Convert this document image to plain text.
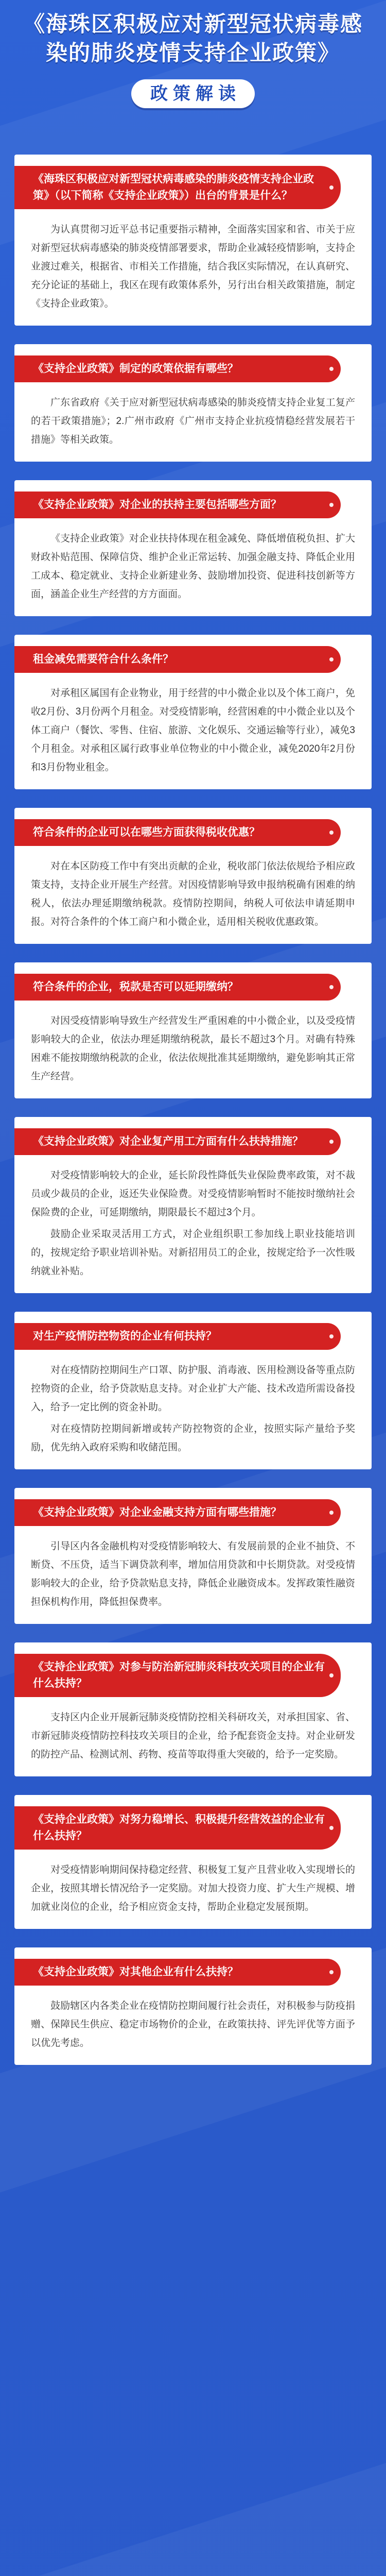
《海珠区积极应对新型冠状病毒感染的肺炎疫情支持企业政策》
政策解读
《海珠区积极应对新型冠状病毒感染的肺炎疫情支持企业政策》（以下简称《支持企业政策》）出台的背景是什么？

为认真贯彻习近平总书记重要指示精神，全面落实国家和省、市关于应对新型冠状病毒感染的肺炎疫情部署要求，帮助企业减轻疫情影响，支持企业渡过难关，根据省、市相关工作措施，结合我区实际情况，在认真研究、充分论证的基础上，我区在现有政策体系外，另行出台相关政策措施，制定《支持企业政策》。

《支持企业政策》制定的政策依据有哪些？

广东省政府《关于应对新型冠状病毒感染的肺炎疫情支持企业复工复产的若干政策措施》；2.广州市政府《广州市支持企业抗疫情稳经营发展若干措施》等相关政策。

《支持企业政策》对企业的扶持主要包括哪些方面？

《支持企业政策》对企业扶持体现在租金减免、降低增值税负担、扩大财政补贴范围、保障信贷、维护企业正常运转、加强金融支持、降低企业用工成本、稳定就业、支持企业新建业务、鼓励增加投资、促进科技创新等方面，涵盖企业生产经营的方方面面。

租金减免需要符合什么条件？

对承租区属国有企业物业，用于经营的中小微企业以及个体工商户，免收2月份、3月份两个月租金。对受疫情影响，经营困难的中小微企业以及个体工商户（餐饮、零售、住宿、旅游、文化娱乐、交通运输等行业），减免3个月租金。对承租区属行政事业单位物业的中小微企业，减免2020年2月份和3月份物业租金。

符合条件的企业可以在哪些方面获得税收优惠？

对在本区防疫工作中有突出贡献的企业，税收部门依法依规给予相应政策支持，支持企业开展生产经营。对因疫情影响导致申报纳税确有困难的纳税人，依法办理延期缴纳税款。疫情防控期间，纳税人可依法申请延期申报。对符合条件的个体工商户和小微企业，适用相关税收优惠政策。

符合条件的企业，税款是否可以延期缴纳？

对因受疫情影响导致生产经营发生严重困难的中小微企业，以及受疫情影响较大的企业，依法办理延期缴纳税款，最长不超过3个月。对确有特殊困难不能按期缴纳税款的企业，依法依规批准其延期缴纳，避免影响其正常生产经营。

《支持企业政策》对企业复产用工方面有什么扶持措施？

对受疫情影响较大的企业，延长阶段性降低失业保险费率政策，对不裁员或少裁员的企业，返还失业保险费。对受疫情影响暂时不能按时缴纳社会保险费的企业，可延期缴纳，期限最长不超过3个月。

鼓励企业采取灵活用工方式，对企业组织职工参加线上职业技能培训的，按规定给予职业培训补贴。对新招用员工的企业，按规定给予一次性吸纳就业补贴。

对生产疫情防控物资的企业有何扶持？

对在疫情防控期间生产口罩、防护服、消毒液、医用检测设备等重点防控物资的企业，给予贷款贴息支持。对企业扩大产能、技术改造所需设备投入，给予一定比例的资金补助。

对在疫情防控期间新增或转产防控物资的企业，按照实际产量给予奖励，优先纳入政府采购和收储范围。

《支持企业政策》对企业金融支持方面有哪些措施？

引导区内各金融机构对受疫情影响较大、有发展前景的企业不抽贷、不断贷、不压贷，适当下调贷款利率，增加信用贷款和中长期贷款。对受疫情影响较大的企业，给予贷款贴息支持，降低企业融资成本。发挥政策性融资担保机构作用，降低担保费率。

《支持企业政策》对参与防治新冠肺炎科技攻关项目的企业有什么扶持？

支持区内企业开展新冠肺炎疫情防控相关科研攻关，对承担国家、省、市新冠肺炎疫情防控科技攻关项目的企业，给予配套资金支持。对企业研发的防控产品、检测试剂、药物、疫苗等取得重大突破的，给予一定奖励。

《支持企业政策》对努力稳增长、积极提升经营效益的企业有什么扶持？

对受疫情影响期间保持稳定经营、积极复工复产且营业收入实现增长的企业，按照其增长情况给予一定奖励。对加大投资力度、扩大生产规模、增加就业岗位的企业，给予相应资金支持，帮助企业稳定发展预期。

《支持企业政策》对其他企业有什么扶持？

鼓励辖区内各类企业在疫情防控期间履行社会责任，对积极参与防疫捐赠、保障民生供应、稳定市场物价的企业，在政策扶持、评先评优等方面予以优先考虑。
